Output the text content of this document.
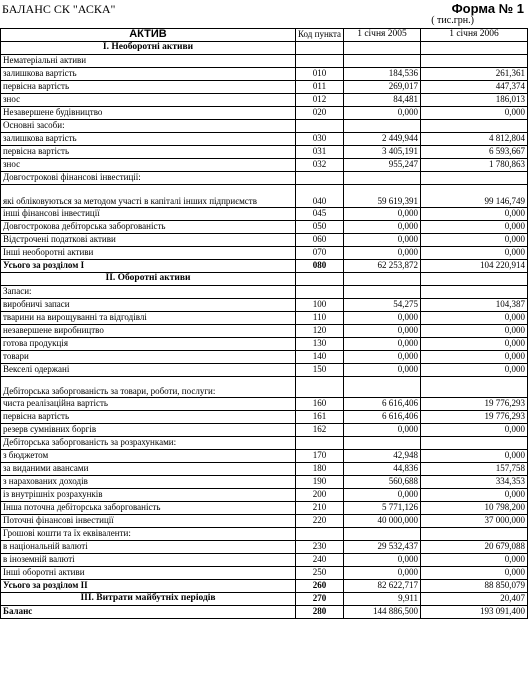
БАЛАНС СК "АСКА"	Форма № 1
( тис.грн.)
АКТИВ	Код пункта	1 січня 2005	1 січня 2006
I. Необоротні активи			
Нематеріальні активи			
залишкова вартість	010	184,536	261,361
первісна вартість	011	269,017	447,374
знос	012	84,481	186,013
Незавершене будівництво	020	0,000	0,000
Основні засоби:			
залишкова вартість	030	2 449,944	4 812,804
первісна вартість	031	3 405,191	6 593,667
знос	032	955,247	1 780,863
Довгострокові фінансові інвестиції:			
які обліковуються за методом участі в капіталі інших підприємств	040	59 619,391	99 146,749
інші фінансові інвестиції	045	0,000	0,000
Довгострокова дебіторська заборгованість	050	0,000	0,000
Відстрочені податкові активи	060	0,000	0,000
Інші необоротні активи	070	0,000	0,000
Усього за розділом I	080	62 253,872	104 220,914
II. Оборотні активи			
Запаси:			
виробничі запаси	100	54,275	104,387
тварини на вирощуванні та відгодівлі	110	0,000	0,000
незавершене виробництво	120	0,000	0,000
готова продукція	130	0,000	0,000
товари	140	0,000	0,000
Векселі одержані	150	0,000	0,000
Дебіторська заборгованість за товари, роботи, послуги:			
чиста реалізаційна вартість	160	6 616,406	19 776,293
первісна вартість	161	6 616,406	19 776,293
резерв сумнівних боргів	162	0,000	0,000
Дебіторська заборгованість за розрахунками:			
з бюджетом	170	42,948	0,000
за виданими авансами	180	44,836	157,758
з нарахованих доходів	190	560,688	334,353
із внутрішніх розрахунків	200	0,000	0,000
Інша поточна дебіторська заборгованість	210	5 771,126	10 798,200
Поточні фінансові інвестиції	220	40 000,000	37 000,000
Грошові кошти та їх еквіваленти:			
в національній валюті	230	29 532,437	20 679,088
в іноземній валюті	240	0,000	0,000
Інші оборотні активи	250	0,000	0,000
Усього за розділом II	260	82 622,717	88 850,079
III. Витрати майбутніх періодів	270	9,911	20,407
Баланс	280	144 886,500	193 091,400
